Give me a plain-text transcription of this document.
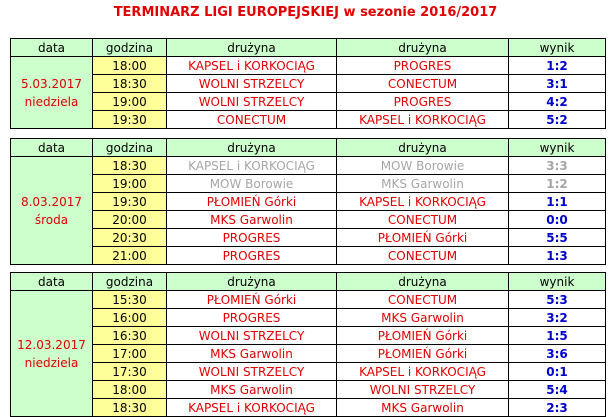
TERMINARZ LIGI EUROPEJSKIEJ w sezonie 2016/2017
data	godzina	drużyna	drużyna	wynik
5.03.2017
niedziela	18:00	KAPSEL i KORKOCIĄG	PROGRES	1:2
	18:30	WOLNI STRZELCY	CONECTUM	3:1
	19:00	WOLNI STRZELCY	PROGRES	4:2
	19:30	CONECTUM	KAPSEL i KORKOCIĄG	5:2
data	godzina	drużyna	drużyna	wynik
8.03.2017
środa	18:30	KAPSEL i KORKOCIĄG	MOW Borowie	3:3
	19:00	MOW Borowie	MKS Garwolin	1:2
	19:30	PŁOMIEŃ Górki	KAPSEL i KORKOCIĄG	1:1
	20:00	MKS Garwolin	CONECTUM	0:0
	20:30	PROGRES	PŁOMIEŃ Górki	5:5
	21:00	PROGRES	CONECTUM	1:3
data	godzina	drużyna	drużyna	wynik
12.03.2017
niedziela	15:30	PŁOMIEŃ Górki	CONECTUM	5:3
	16:00	PROGRES	MKS Garwolin	3:2
	16:30	WOLNI STRZELCY	PŁOMIEŃ Górki	1:5
	17:00	MKS Garwolin	PŁOMIEŃ Górki	3:6
	17:30	WOLNI STRZELCY	KAPSEL i KORKOCIĄG	0:1
	18:00	MKS Garwolin	WOLNI STRZELCY	5:4
	18:30	KAPSEL i KORKOCIĄG	MKS Garwolin	2:3
